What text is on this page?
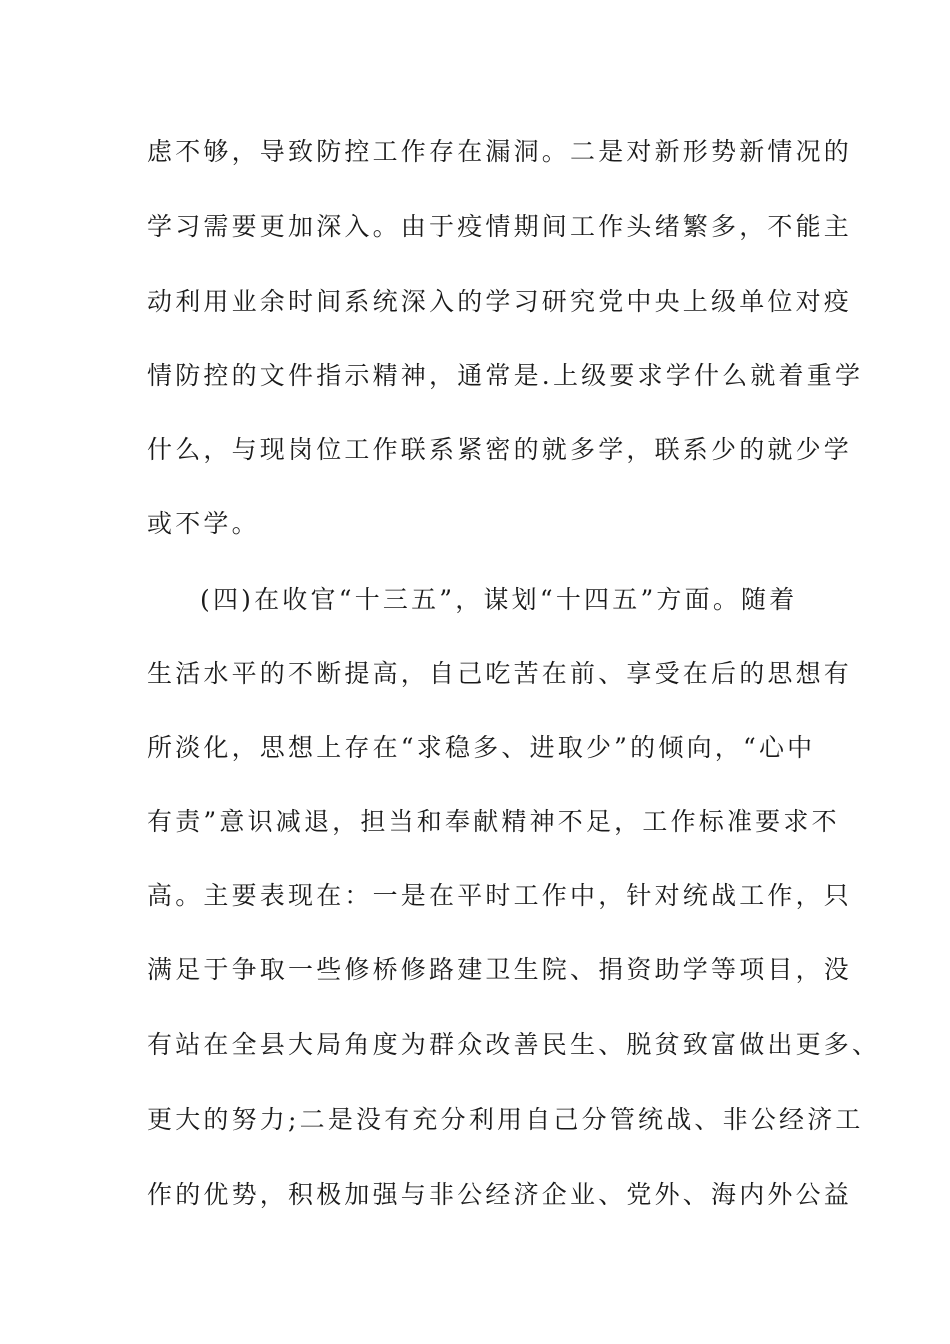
虑不够，导致防控工作存在漏洞。二是对新形势新情况的
学习需要更加深入。由于疫情期间工作头绪繁多，不能主
动利用业余时间系统深入的学习研究党中央上级单位对疫
情防控的文件指示精神，通常是.上级要求学什么就着重学
什么，与现岗位工作联系紧密的就多学，联系少的就少学
或不学。
(四)在收官“十三五”，谋划“十四五”方面。随着
生活水平的不断提高，自己吃苦在前、享受在后的思想有
所淡化，思想上存在“求稳多、进取少”的倾向，“心中
有责”意识减退，担当和奉献精神不足，工作标准要求不
高。主要表现在：一是在平时工作中，针对统战工作，只
满足于争取一些修桥修路建卫生院、捐资助学等项目，没
有站在全县大局角度为群众改善民生、脱贫致富做出更多、
更大的努力;二是没有充分利用自己分管统战、非公经济工
作的优势，积极加强与非公经济企业、党外、海内外公益
